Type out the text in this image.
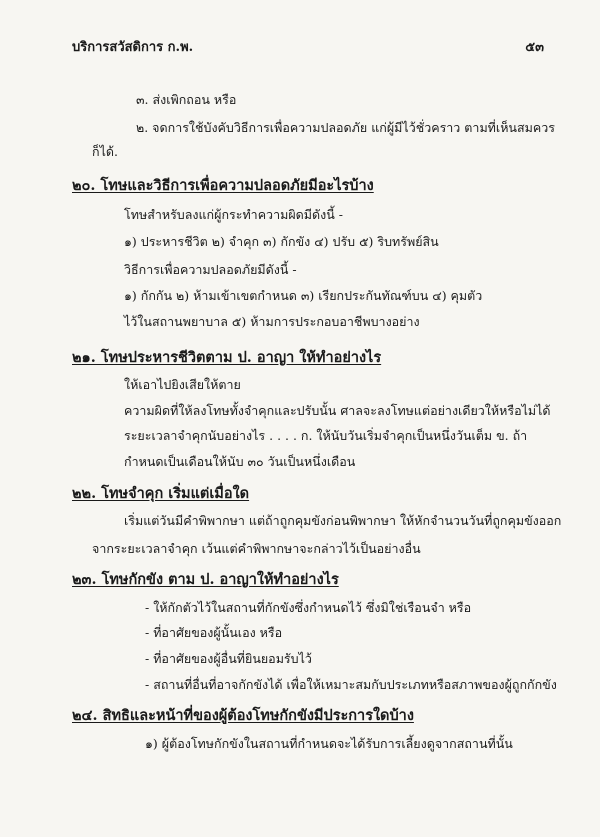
บริการสวัสดิการ ก.พ.	๕๓
๓. ส่งเพิกถอน หรือ
๒. จดการใช้บังคับวิธีการเพื่อความปลอดภัย แก่ผู้มีไว้ชั่วคราว ตามที่เห็นสมควร
ก็ได้.
๒๐. โทษและวิธีการเพื่อความปลอดภัยมีอะไรบ้าง
โทษสำหรับลงแก่ผู้กระทำความผิดมีดังนี้ -
๑) ประหารชีวิต ๒) จำคุก ๓) กักขัง ๔) ปรับ ๕) ริบทรัพย์สิน
วิธีการเพื่อความปลอดภัยมีดังนี้ -
๑) กักกัน ๒) ห้ามเข้าเขตกำหนด ๓) เรียกประกันทัณฑ์บน ๔) คุมตัว
ไว้ในสถานพยาบาล ๕) ห้ามการประกอบอาชีพบางอย่าง
๒๑. โทษประหารชีวิตตาม ป. อาญา ให้ทำอย่างไร
ให้เอาไปยิงเสียให้ตาย
ความผิดที่ให้ลงโทษทั้งจำคุกและปรับนั้น ศาลจะลงโทษแต่อย่างเดียวให้หรือไม่ได้
ระยะเวลาจำคุกนับอย่างไร . . . . ก. ให้นับวันเริ่มจำคุกเป็นหนึ่งวันเต็ม ข. ถ้า
กำหนดเป็นเดือนให้นับ ๓๐ วันเป็นหนึ่งเดือน
๒๒. โทษจำคุก เริ่มแต่เมื่อใด
เริ่มแต่วันมีคำพิพากษา แต่ถ้าถูกคุมขังก่อนพิพากษา ให้หักจำนวนวันที่ถูกคุมขังออก
จากระยะเวลาจำคุก เว้นแต่คำพิพากษาจะกล่าวไว้เป็นอย่างอื่น
๒๓. โทษกักขัง ตาม ป. อาญาให้ทำอย่างไร
- ให้กักตัวไว้ในสถานที่กักขังซึ่งกำหนดไว้ ซึ่งมิใช่เรือนจำ หรือ
- ที่อาศัยของผู้นั้นเอง หรือ
- ที่อาศัยของผู้อื่นที่ยินยอมรับไว้
- สถานที่อื่นที่อาจกักขังได้ เพื่อให้เหมาะสมกับประเภทหรือสภาพของผู้ถูกกักขัง
๒๔. สิทธิและหน้าที่ของผู้ต้องโทษกักขังมีประการใดบ้าง
๑) ผู้ต้องโทษกักขังในสถานที่กำหนดจะได้รับการเลี้ยงดูจากสถานที่นั้น
